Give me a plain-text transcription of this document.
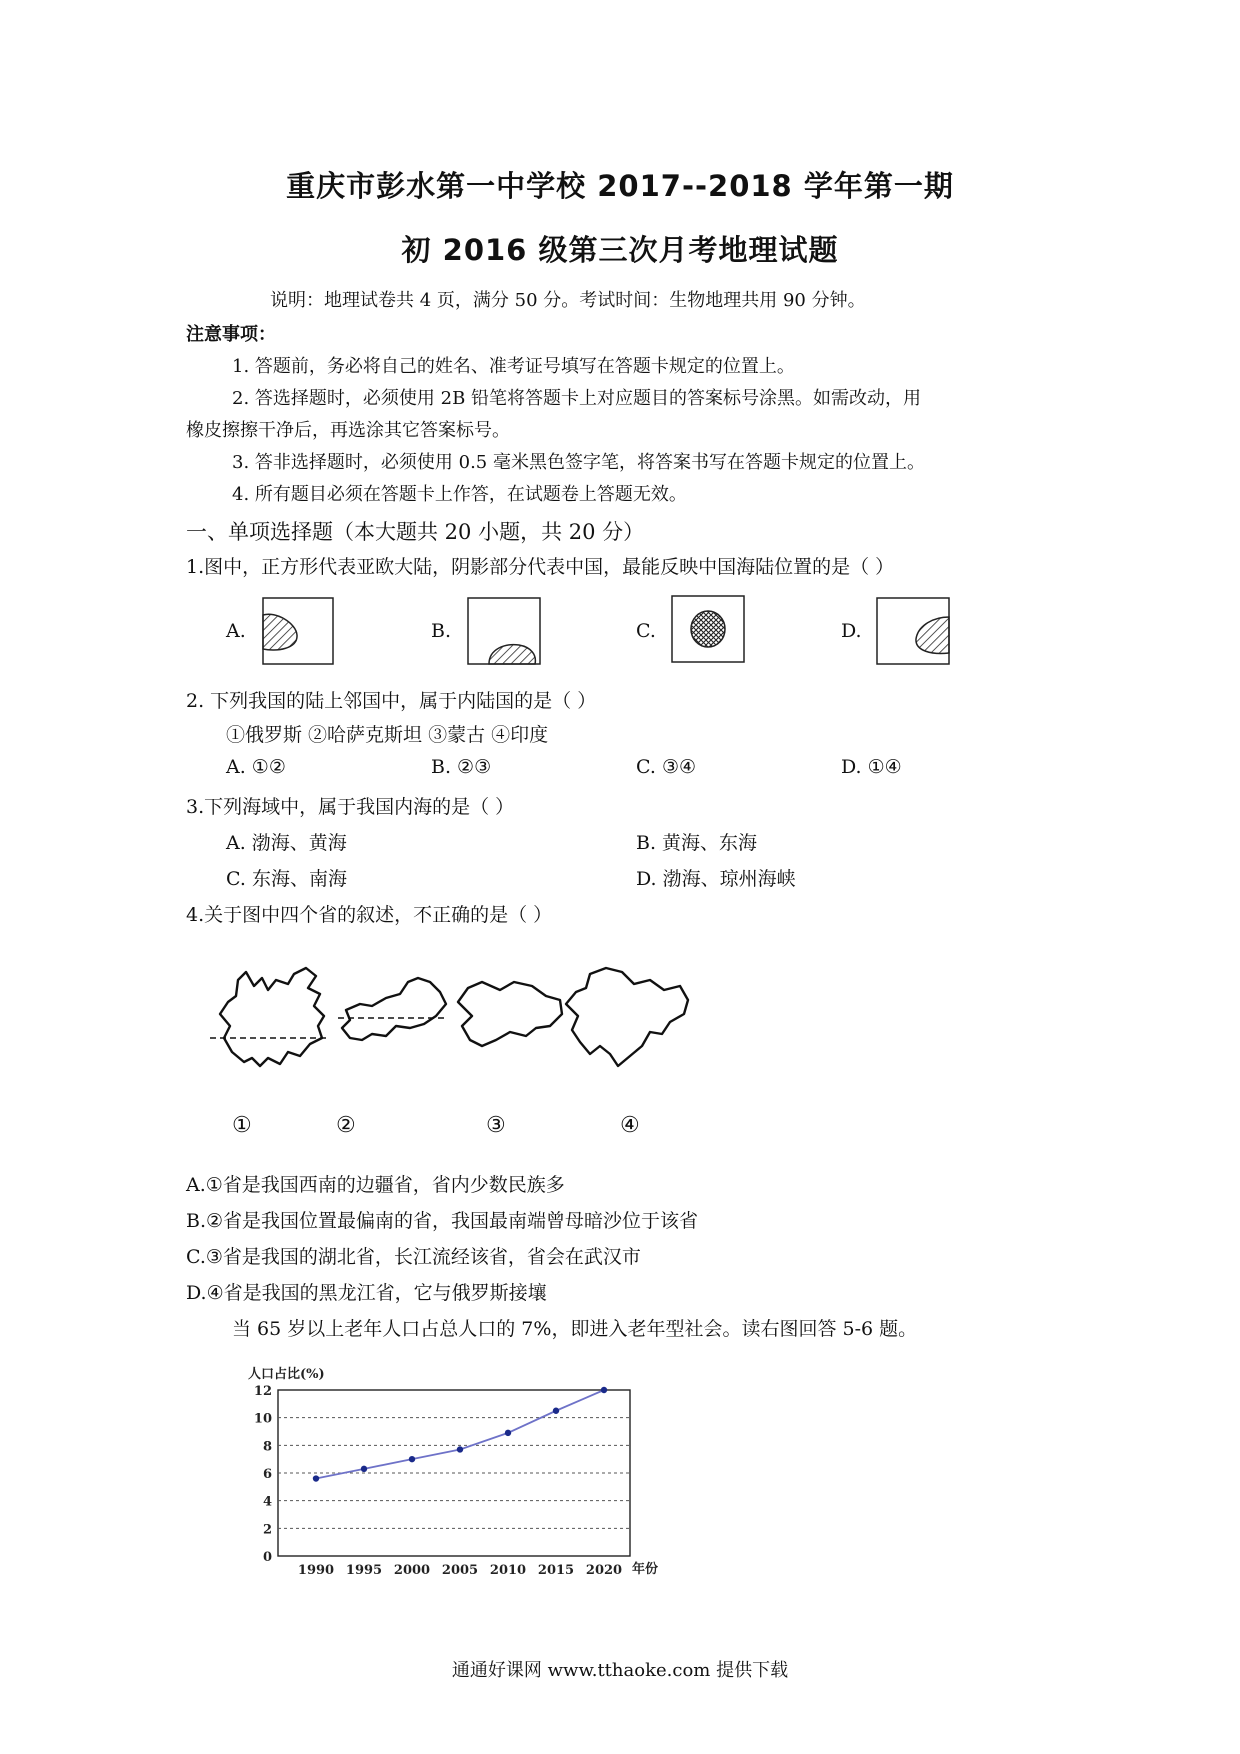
重庆市彭水第一中学校 2017--2018 学年第一期
初 2016 级第三次月考地理试题
说明：地理试卷共 4 页，满分 50 分。考试时间：生物地理共用 90 分钟。
注意事项：
1. 答题前，务必将自己的姓名、准考证号填写在答题卡规定的位置上。
2. 答选择题时，必须使用 2B 铅笔将答题卡上对应题目的答案标号涂黑。如需改动，用
橡皮擦擦干净后，再选涂其它答案标号。
3. 答非选择题时，必须使用 0.5 毫米黑色签字笔，将答案书写在答题卡规定的位置上。
4. 所有题目必须在答题卡上作答，在试题卷上答题无效。
一、单项选择题（本大题共 20 小题，共 20 分）
1.图中，正方形代表亚欧大陆，阴影部分代表中国，最能反映中国海陆位置的是（ ）
A.	B.	C.	D.
2. 下列我国的陆上邻国中，属于内陆国的是（ ）
①俄罗斯 ②哈萨克斯坦 ③蒙古 ④印度
A. ①②	B. ②③	C. ③④	D. ①④
3.下列海域中，属于我国内海的是（ ）
A. 渤海、黄海	B. 黄海、东海
C. 东海、南海	D. 渤海、琼州海峡
4.关于图中四个省的叙述，不正确的是（ ）
①	②	③	④
A.①省是我国西南的边疆省，省内少数民族多
B.②省是我国位置最偏南的省，我国最南端曾母暗沙位于该省
C.③省是我国的湖北省，长江流经该省，省会在武汉市
D.④省是我国的黑龙江省，它与俄罗斯接壤
当 65 岁以上老年人口占总人口的 7%，即进入老年型社会。读右图回答 5-6 题。
人口占比(%)
0
2
4
6
8
10
12
1990 1995 2000 2005 2010 2015 2020 年份
通通好课网 www.tthaoke.com 提供下载
